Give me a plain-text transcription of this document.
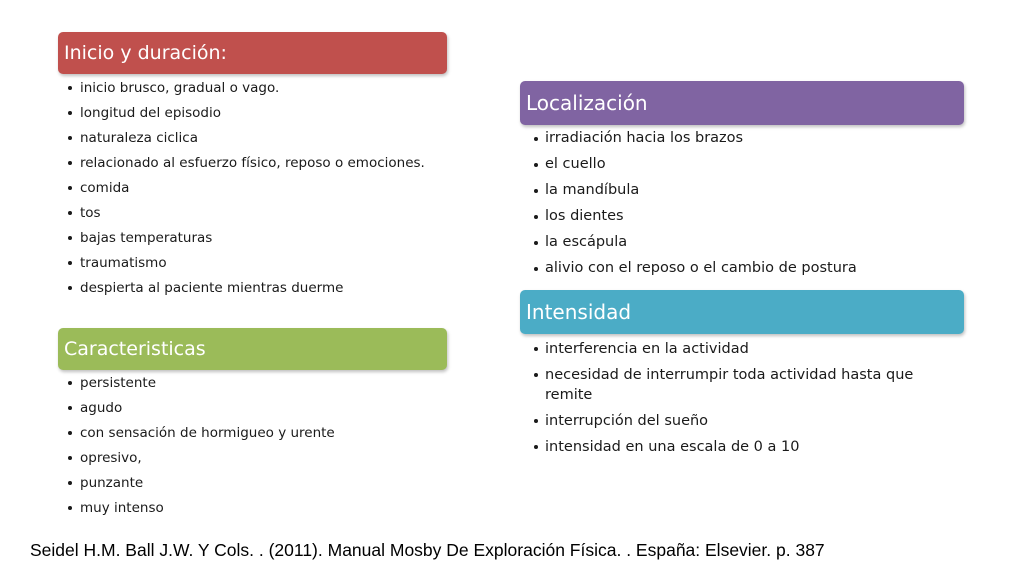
Inicio y duración:
inicio brusco, gradual o vago.
longitud del episodio
naturaleza ciclica
relacionado al esfuerzo físico, reposo o emociones.
comida
tos
bajas temperaturas
traumatismo
despierta al paciente mientras duerme
Caracteristicas
persistente
agudo
con sensación de hormigueo y urente
opresivo,
punzante
muy intenso
Localización
irradiación hacia los brazos
el cuello
la mandíbula
los dientes
la escápula
alivio con el reposo o el cambio de postura
Intensidad
interferencia en la actividad
necesidad de interrumpir toda actividad hasta que remite
interrupción del sueño
intensidad en una escala de 0 a 10
Seidel H.M. Ball J.W. Y Cols. . (2011). Manual Mosby De Exploración Física. . España: Elsevier. p. 387
